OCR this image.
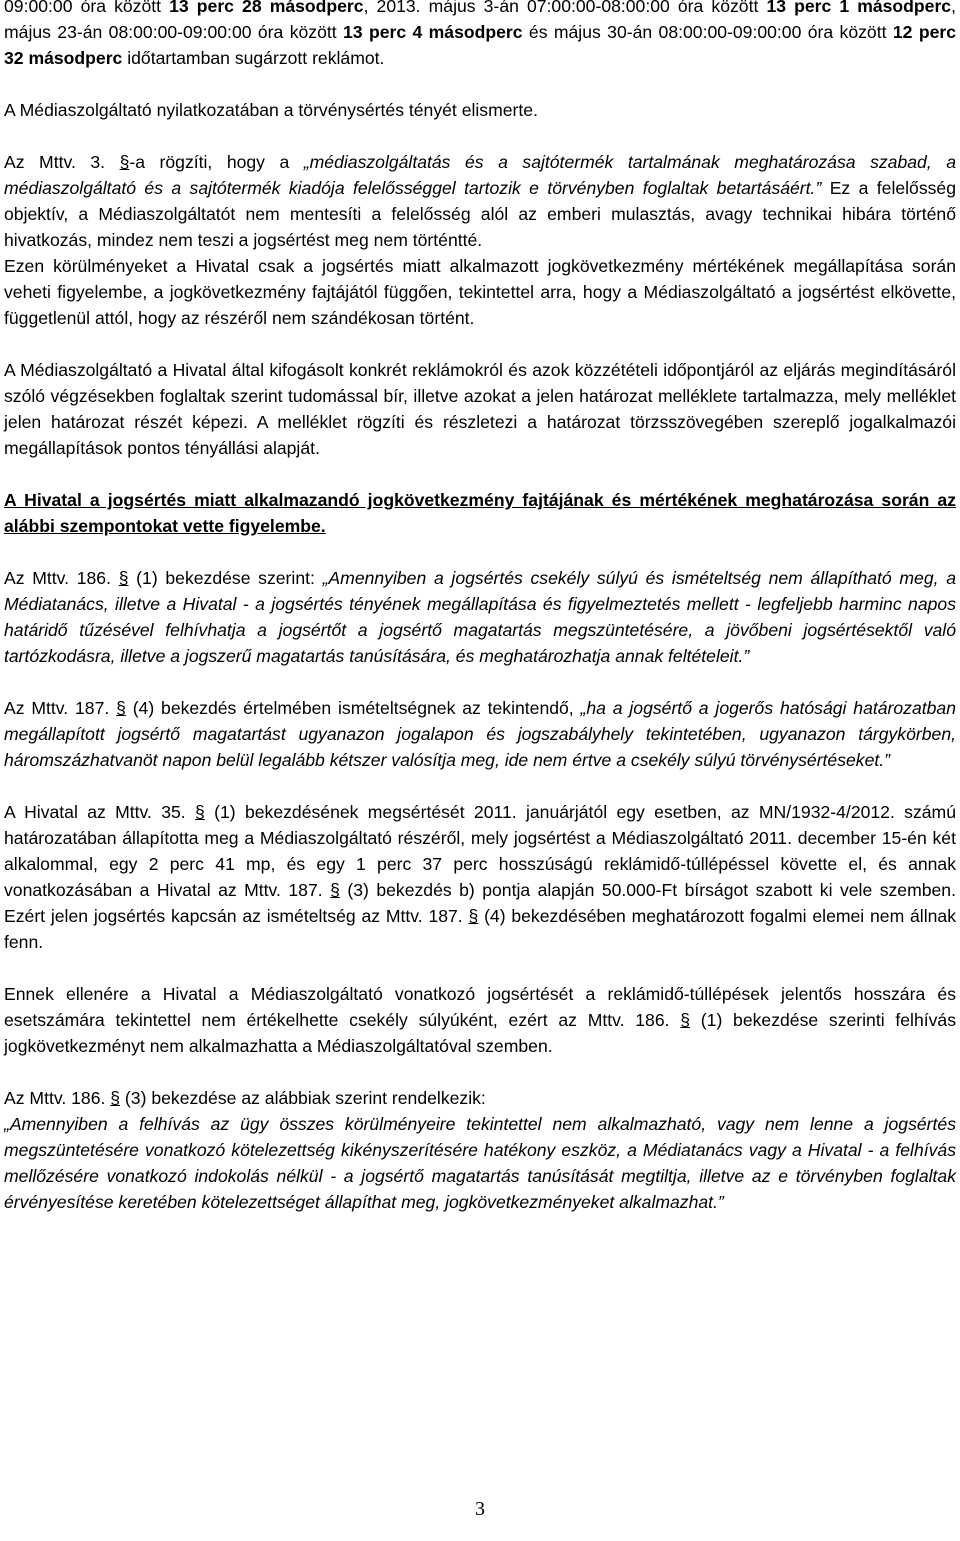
09:00:00 óra között 13 perc 28 másodperc, 2013. május 3-án 07:00:00-08:00:00 óra között 13 perc 1 másodperc, május 23-án 08:00:00-09:00:00 óra között 13 perc 4 másodperc és május 30-án 08:00:00-09:00:00 óra között 12 perc 32 másodperc időtartamban sugárzott reklámot.

A Médiaszolgáltató nyilatkozatában a törvénysértés tényét elismerte.

Az Mttv. 3. §-a rögzíti, hogy a „médiaszolgáltatás és a sajtótermék tartalmának meghatározása szabad, a médiaszolgáltató és a sajtótermék kiadója felelősséggel tartozik e törvényben foglaltak betartásáért.” Ez a felelősség objektív, a Médiaszolgáltatót nem mentesíti a felelősség alól az emberi mulasztás, avagy technikai hibára történő hivatkozás, mindez nem teszi a jogsértést meg nem történtté.

Ezen körülményeket a Hivatal csak a jogsértés miatt alkalmazott jogkövetkezmény mértékének megállapítása során veheti figyelembe, a jogkövetkezmény fajtájától függően, tekintettel arra, hogy a Médiaszolgáltató a jogsértést elkövette, függetlenül attól, hogy az részéről nem szándékosan történt.

A Médiaszolgáltató a Hivatal által kifogásolt konkrét reklámokról és azok közzétételi időpontjáról az eljárás megindításáról szóló végzésekben foglaltak szerint tudomással bír, illetve azokat a jelen határozat melléklete tartalmazza, mely melléklet jelen határozat részét képezi. A melléklet rögzíti és részletezi a határozat törzsszövegében szereplő jogalkalmazói megállapítások pontos tényállási alapját.

A Hivatal a jogsértés miatt alkalmazandó jogkövetkezmény fajtájának és mértékének meghatározása során az alábbi szempontokat vette figyelembe.

Az Mttv. 186. § (1) bekezdése szerint: „Amennyiben a jogsértés csekély súlyú és ismételtség nem állapítható meg, a Médiatanács, illetve a Hivatal - a jogsértés tényének megállapítása és figyelmeztetés mellett - legfeljebb harminc napos határidő tűzésével felhívhatja a jogsértőt a jogsértő magatartás megszüntetésére, a jövőbeni jogsértésektől való tartózkodásra, illetve a jogszerű magatartás tanúsítására, és meghatározhatja annak feltételeit.”

Az Mttv. 187. § (4) bekezdés értelmében ismételtségnek az tekintendő, „ha a jogsértő a jogerős hatósági határozatban megállapított jogsértő magatartást ugyanazon jogalapon és jogszabályhely tekintetében, ugyanazon tárgykörben, háromszázhatvanöt napon belül legalább kétszer valósítja meg, ide nem értve a csekély súlyú törvénysértéseket.”

A Hivatal az Mttv. 35. § (1) bekezdésének megsértését 2011. januárjától egy esetben, az MN/1932-4/2012. számú határozatában állapította meg a Médiaszolgáltató részéről, mely jogsértést a Médiaszolgáltató 2011. december 15-én két alkalommal, egy 2 perc 41 mp, és egy 1 perc 37 perc hosszúságú reklámidő-túllépéssel követte el, és annak vonatkozásában a Hivatal az Mttv. 187. § (3) bekezdés b) pontja alapján 50.000-Ft bírságot szabott ki vele szemben. Ezért jelen jogsértés kapcsán az ismételtség az Mttv. 187. § (4) bekezdésében meghatározott fogalmi elemei nem állnak fenn.

Ennek ellenére a Hivatal a Médiaszolgáltató vonatkozó jogsértését a reklámidő-túllépések jelentős hosszára és esetszámára tekintettel nem értékelhette csekély súlyúként, ezért az Mttv. 186. § (1) bekezdése szerinti felhívás jogkövetkezményt nem alkalmazhatta a Médiaszolgáltatóval szemben.

Az Mttv. 186. § (3) bekezdése az alábbiak szerint rendelkezik:
„Amennyiben a felhívás az ügy összes körülményeire tekintettel nem alkalmazható, vagy nem lenne a jogsértés megszüntetésére vonatkozó kötelezettség kikényszerítésére hatékony eszköz, a Médiatanács vagy a Hivatal - a felhívás mellőzésére vonatkozó indokolás nélkül - a jogsértő magatartás tanúsítását megtiltja, illetve az e törvényben foglaltak érvényesítése keretében kötelezettséget állapíthat meg, jogkövetkezményeket alkalmazhat.”

3
